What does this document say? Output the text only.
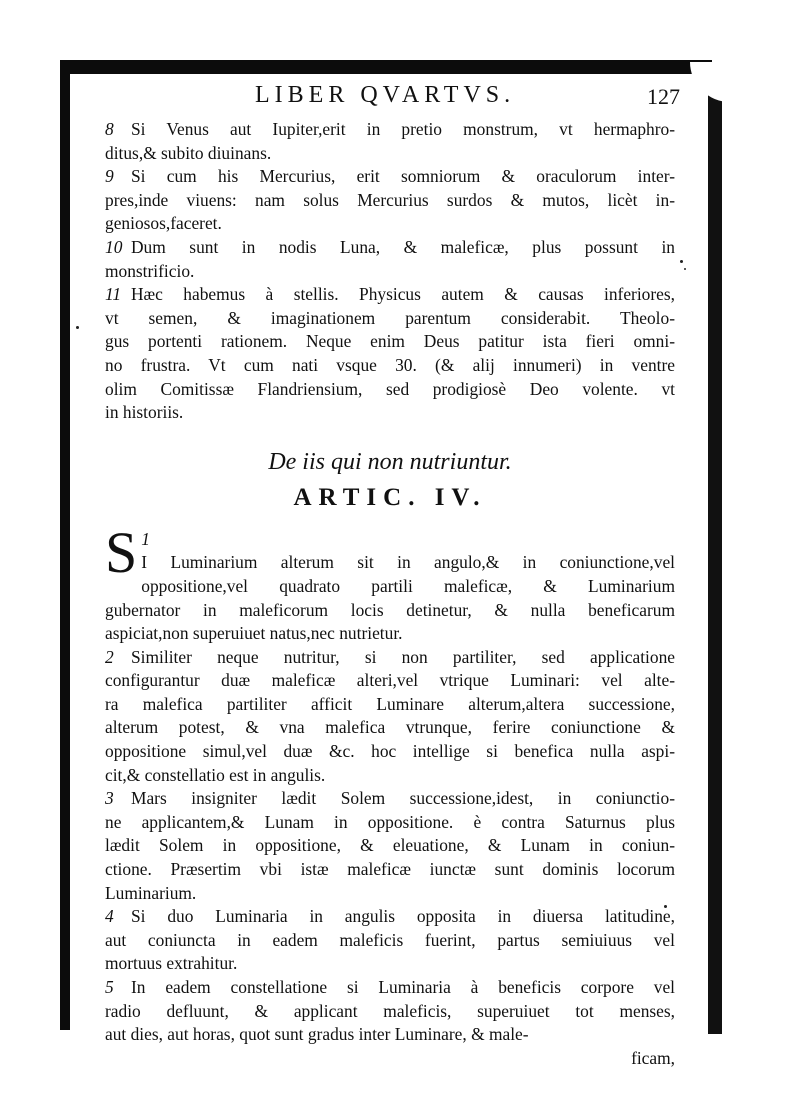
LIBER QVARTVS.	127

8 Si Venus aut Iupiter,erit in pretio monstrum, vt hermaphro-
ditus,& subito diuinans.

9 Si cum his Mercurius, erit somniorum & oraculorum inter-
pres,inde viuens: nam solus Mercurius surdos & mutos, licèt in-
geniosos,faceret.

10 Dum sunt in nodis Luna, & maleficæ, plus possunt in
monstrificio.

11 Hæc habemus à stellis. Physicus autem & causas inferiores,
vt semen, & imaginationem parentum considerabit. Theolo-
gus portenti rationem. Neque enim Deus patitur ista fieri omni-
no frustra. Vt cum nati vsque 30. (& alij innumeri) in ventre
olim Comitissæ Flandriensium, sed prodigiosè Deo volente. vt
in historiis.

De iis qui non nutriuntur.
ARTIC. IV.

1
S I Luminarium alterum sit in angulo,& in coniunctione,vel
oppositione,vel quadrato partili maleficæ, & Luminarium
gubernator in maleficorum locis detinetur, & nulla beneficarum
aspiciat,non superuiuet natus,nec nutrietur.

2 Similiter neque nutritur, si non partiliter, sed applicatione
configurantur duæ maleficæ alteri,vel vtrique Luminari: vel alte-
ra malefica partiliter afficit Luminare alterum,altera successione,
alterum potest, & vna malefica vtrunque, ferire coniunctione &
oppositione simul,vel duæ &c. hoc intellige si benefica nulla aspi-
cit,& constellatio est in angulis.

3 Mars insigniter lædit Solem successione,idest, in coniunctio-
ne applicantem,& Lunam in oppositione. è contra Saturnus plus
lædit Solem in oppositione, & eleuatione, & Lunam in coniun-
ctione. Præsertim vbi istæ maleficæ iunctæ sunt dominis locorum
Luminarium.

4 Si duo Luminaria in angulis opposita in diuersa latitudine,
aut coniuncta in eadem maleficis fuerint, partus semiuiuus vel
mortuus extrahitur.

5 In eadem constellatione si Luminaria à beneficis corpore vel
radio defluunt, & applicant maleficis, superuiuet tot menses,
aut dies, aut horas, quot sunt gradus inter Luminare, & male-

ficam,
